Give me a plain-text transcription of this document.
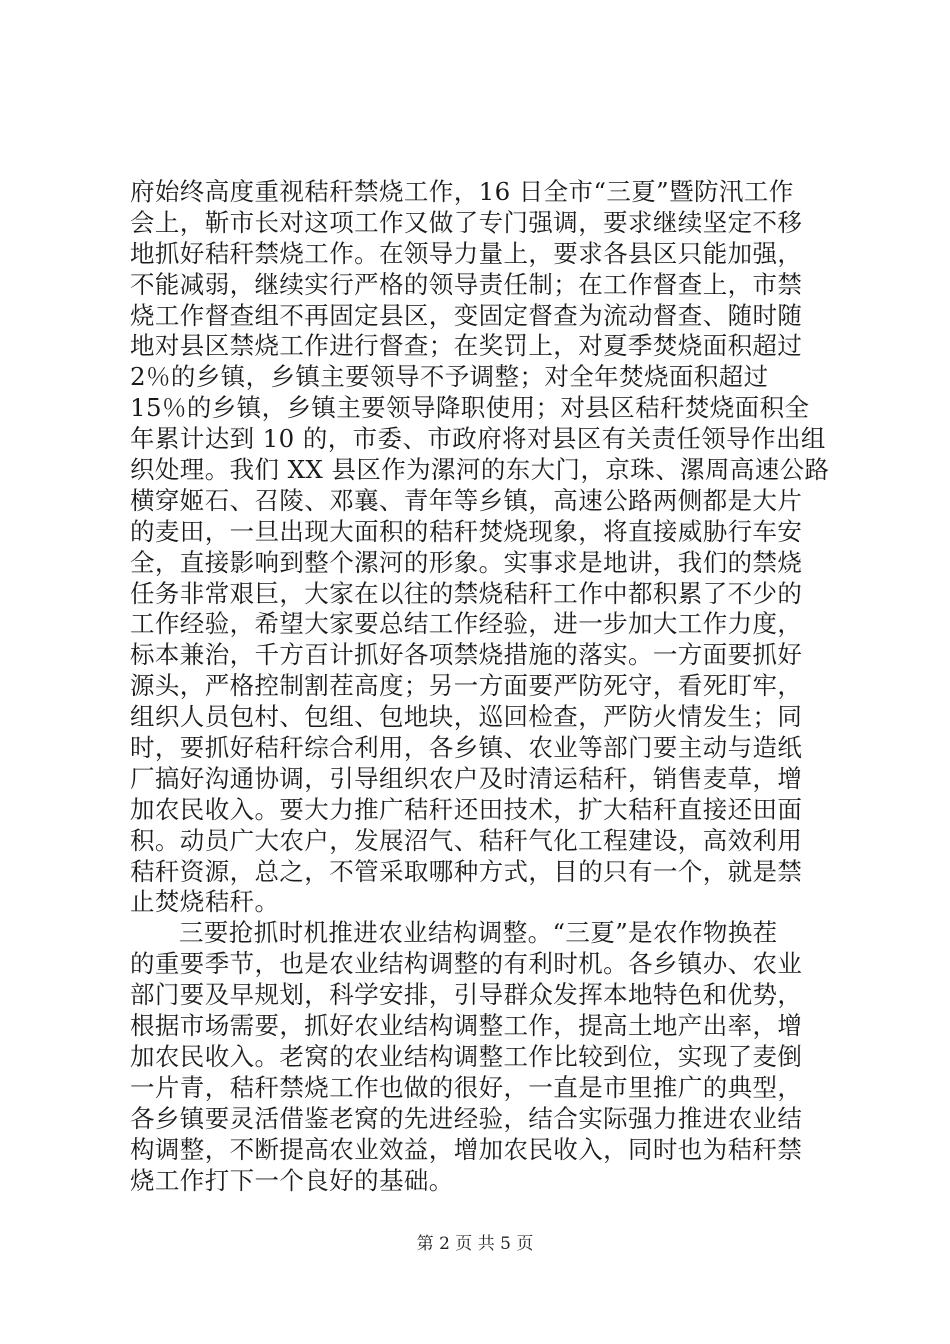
府始终高度重视秸秆禁烧工作，16 日全市“三夏”暨防汛工作
会上，靳市长对这项工作又做了专门强调，要求继续坚定不移
地抓好秸秆禁烧工作。在领导力量上，要求各县区只能加强，
不能减弱，继续实行严格的领导责任制；在工作督查上，市禁
烧工作督查组不再固定县区，变固定督查为流动督查、随时随
地对县区禁烧工作进行督查；在奖罚上，对夏季焚烧面积超过
2％的乡镇，乡镇主要领导不予调整；对全年焚烧面积超过
15％的乡镇，乡镇主要领导降职使用；对县区秸秆焚烧面积全
年累计达到 10 的，市委、市政府将对县区有关责任领导作出组
织处理。我们 XX 县区作为漯河的东大门，京珠、漯周高速公路
横穿姬石、召陵、邓襄、青年等乡镇，高速公路两侧都是大片
的麦田，一旦出现大面积的秸秆焚烧现象，将直接威胁行车安
全，直接影响到整个漯河的形象。实事求是地讲，我们的禁烧
任务非常艰巨，大家在以往的禁烧秸秆工作中都积累了不少的
工作经验，希望大家要总结工作经验，进一步加大工作力度，
标本兼治，千方百计抓好各项禁烧措施的落实。一方面要抓好
源头，严格控制割茬高度；另一方面要严防死守，看死盯牢，
组织人员包村、包组、包地块，巡回检查，严防火情发生；同
时，要抓好秸秆综合利用，各乡镇、农业等部门要主动与造纸
厂搞好沟通协调，引导组织农户及时清运秸秆，销售麦草，增
加农民收入。要大力推广秸秆还田技术，扩大秸秆直接还田面
积。动员广大农户，发展沼气、秸秆气化工程建设，高效利用
秸秆资源，总之，不管采取哪种方式，目的只有一个，就是禁
止焚烧秸秆。
三要抢抓时机推进农业结构调整。“三夏”是农作物换茬
的重要季节，也是农业结构调整的有利时机。各乡镇办、农业
部门要及早规划，科学安排，引导群众发挥本地特色和优势，
根据市场需要，抓好农业结构调整工作，提高土地产出率，增
加农民收入。老窝的农业结构调整工作比较到位，实现了麦倒
一片青，秸秆禁烧工作也做的很好，一直是市里推广的典型，
各乡镇要灵活借鉴老窝的先进经验，结合实际强力推进农业结
构调整，不断提高农业效益，增加农民收入，同时也为秸秆禁
烧工作打下一个良好的基础。
第 2 页 共 5 页
